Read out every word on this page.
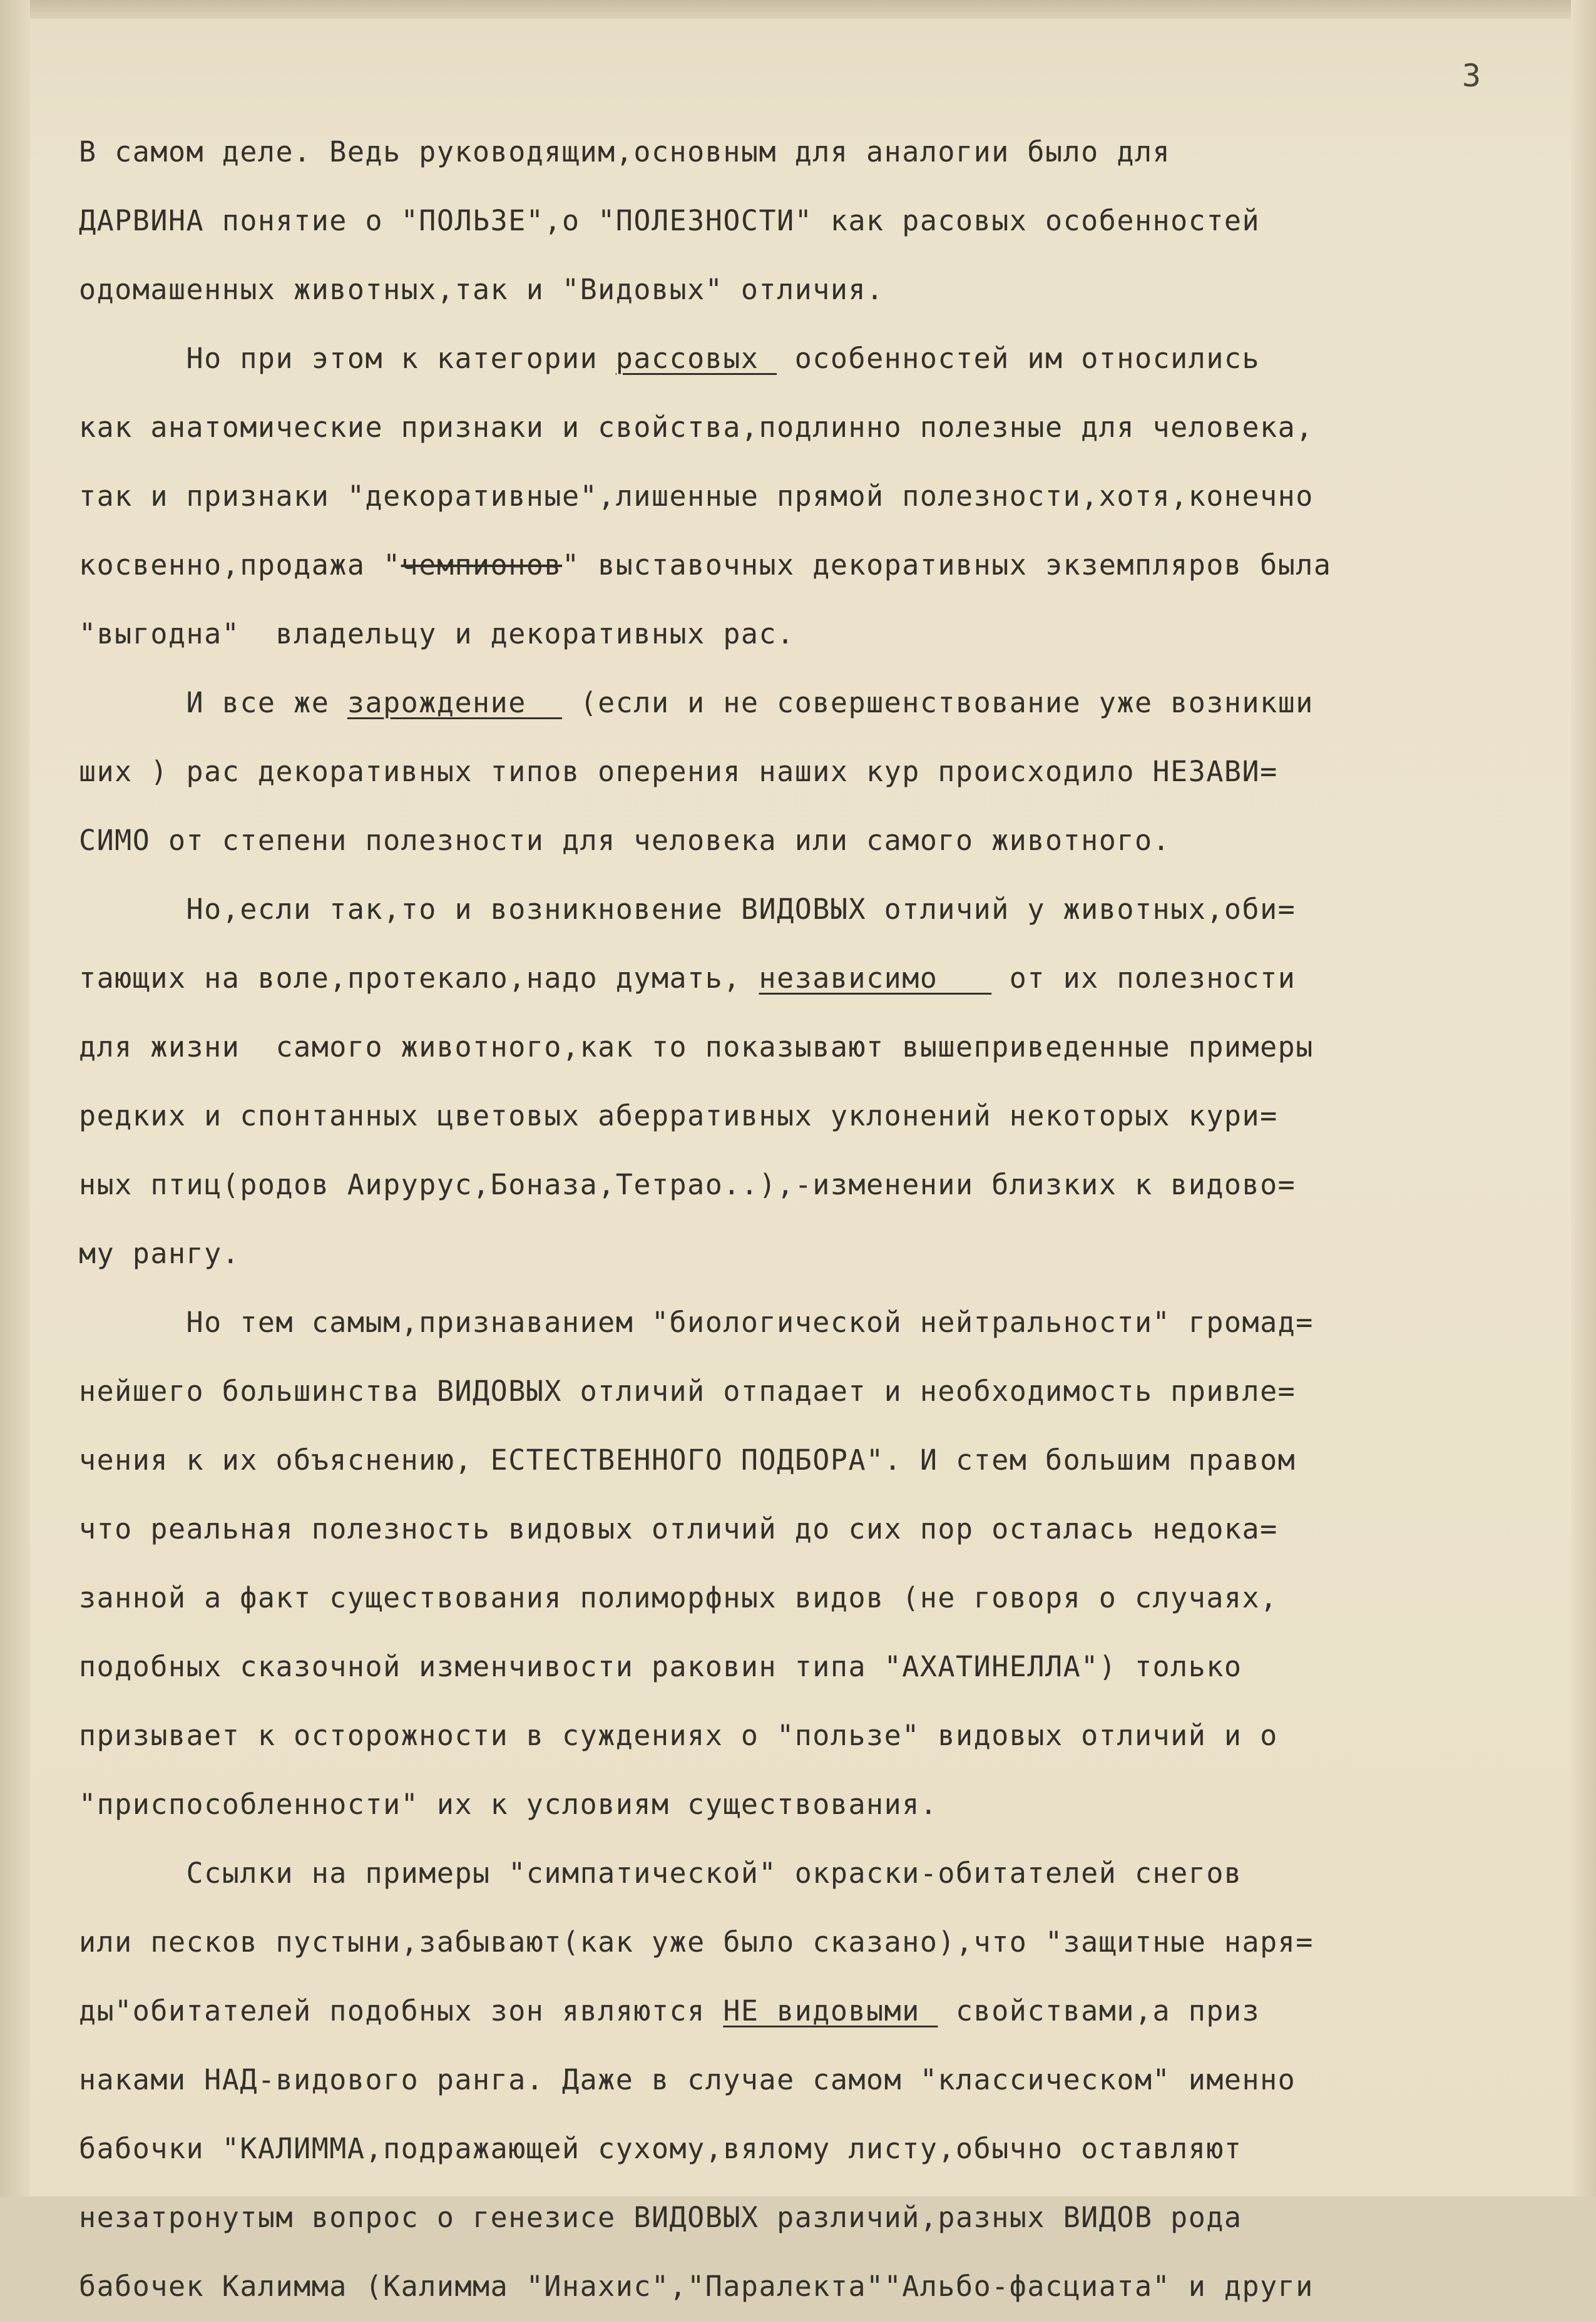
3

В самом деле. Ведь руководящим,основным для аналогии было для

ДАРВИНА понятие о "ПОЛЬЗЕ",о "ПОЛЕЗНОСТИ" как расовых особенностей

одомашенных животных,так и "Видовых" отличия.

Но при этом к категории рассовых  особенностей им относились

как анатомические признаки и свойства,подлинно полезные для человека,

так и признаки "декоративные",лишенные прямой полезности,хотя,конечно

косвенно,продажа "чемпионов" выставочных декоративных экземпляров была

"выгодна"  владельцу и декоративных рас.

И все же зарождение   (если и не совершенствование уже возникши

ших ) рас декоративных типов оперения наших кур происходило НЕЗАВИ=

СИМО от степени полезности для человека или самого животного.

Но,если так,то и возникновение ВИДОВЫХ отличий у животных,оби=

тающих на воле,протекало,надо думать, независимо    от их полезности

для жизни  самого животного,как то показывают вышеприведенные примеры

редких и спонтанных цветовых аберративных уклонений некоторых кури=

ных птиц(родов Аирурус,Боназа,Тетрао..),-изменении близких к видово=

му рангу.

Но тем самым,признаванием "биологической нейтральности" громад=

нейшего большинства ВИДОВЫХ отличий отпадает и необходимость привле=

чения к их объяснению, ЕСТЕСТВЕННОГО ПОДБОРА". И стем большим правом

что реальная полезность видовых отличий до сих пор осталась недока=

занной а факт существования полиморфных видов (не говоря о случаях,

подобных сказочной изменчивости раковин типа "АХАТИНЕЛЛА") только

призывает к осторожности в суждениях о "пользе" видовых отличий и о

"приспособленности" их к условиям существования.

Ссылки на примеры "симпатической" окраски-обитателей снегов

или песков пустыни,забывают(как уже было сказано),что "защитные наря=

ды"обитателей подобных зон являются НЕ видовыми  свойствами,а приз

наками НАД-видового ранга. Даже в случае самом "классическом" именно

бабочки "КАЛИММА,подражающей сухому,вялому листу,обычно оставляют

незатронутым вопрос о генезисе ВИДОВЫХ различий,разных ВИДОВ рода

бабочек Калимма (Калимма "Инахис","Паралекта""Альбо-фасциата" и други
